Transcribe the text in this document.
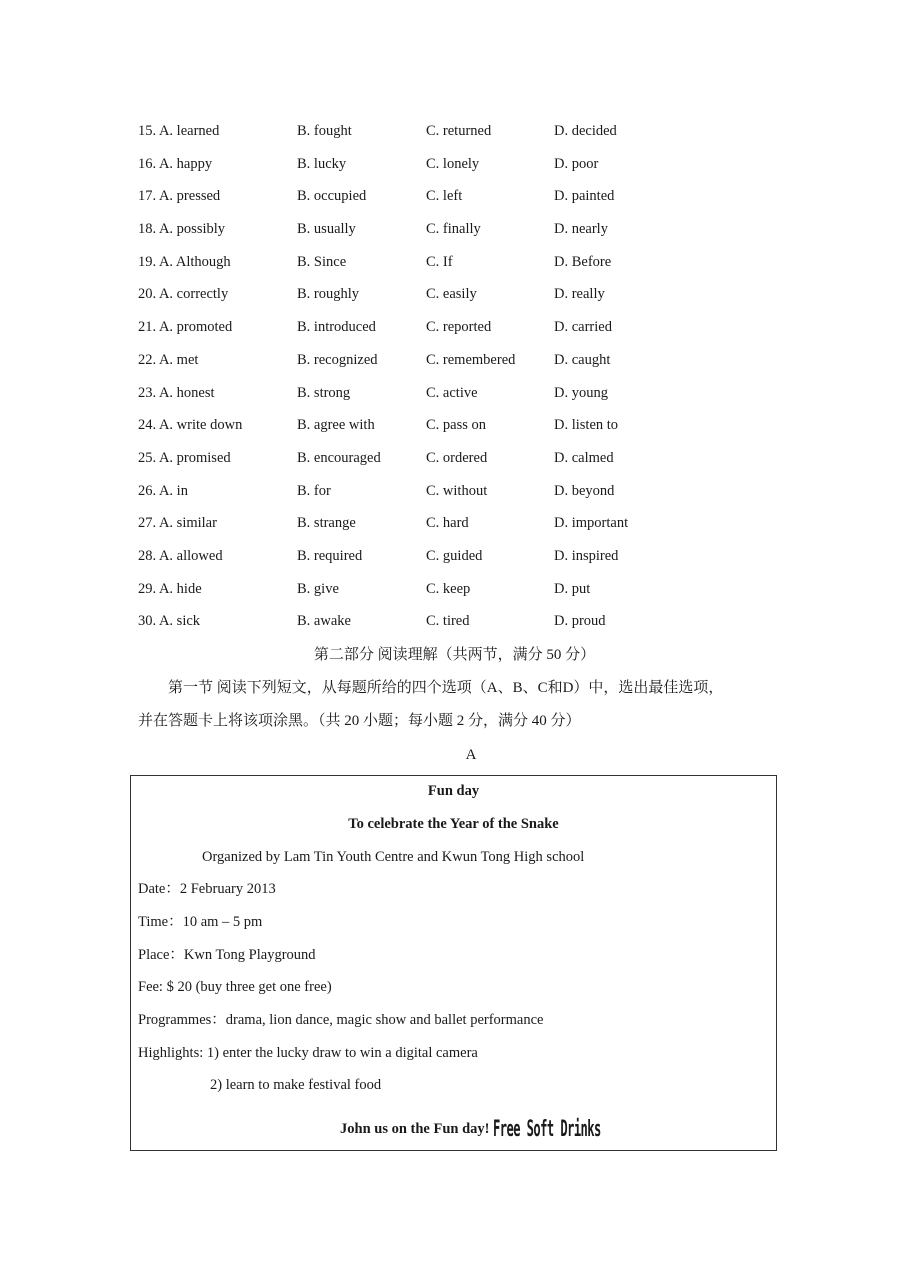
15. A. learned	B. fought	C. returned	D. decided
16. A. happy	B. lucky	C. lonely	D. poor
17. A. pressed	B. occupied	C. left	D. painted
18. A. possibly	B. usually	C. finally	D. nearly
19. A. Although	B. Since	C. If	D. Before
20. A. correctly	B. roughly	C. easily	D. really
21. A. promoted	B. introduced	C. reported	D. carried
22. A. met	B. recognized	C. remembered	D. caught
23. A. honest	B. strong	C. active	D. young
24. A. write down	B. agree with	C. pass on	D. listen to
25. A. promised	B. encouraged	C. ordered	D. calmed
26. A. in	B. for	C. without	D. beyond
27. A. similar	B. strange	C. hard	D. important
28. A. allowed	B. required	C. guided	D. inspired
29. A. hide	B. give	C. keep	D. put
30. A. sick	B. awake	C. tired	D. proud
第二部分 阅读理解（共两节，满分 50 分）
第一节 阅读下列短文，从每题所给的四个选项（A、B、C和D）中，选出最佳选项，
并在答题卡上将该项涂黑。（共 20 小题；每小题 2 分，满分 40 分）
A
Fun day
To celebrate the Year of the Snake
Organized by Lam Tin Youth Centre and Kwun Tong High school
Date：2 February 2013
Time：10 am – 5 pm
Place：Kwn Tong Playground
Fee: $ 20 (buy three get one free)
Programmes：drama, lion dance, magic show and ballet performance
Highlights: 1) enter the lucky draw to win a digital camera
2) learn to make festival food
John us on the Fun day! Free Soft Drinks
